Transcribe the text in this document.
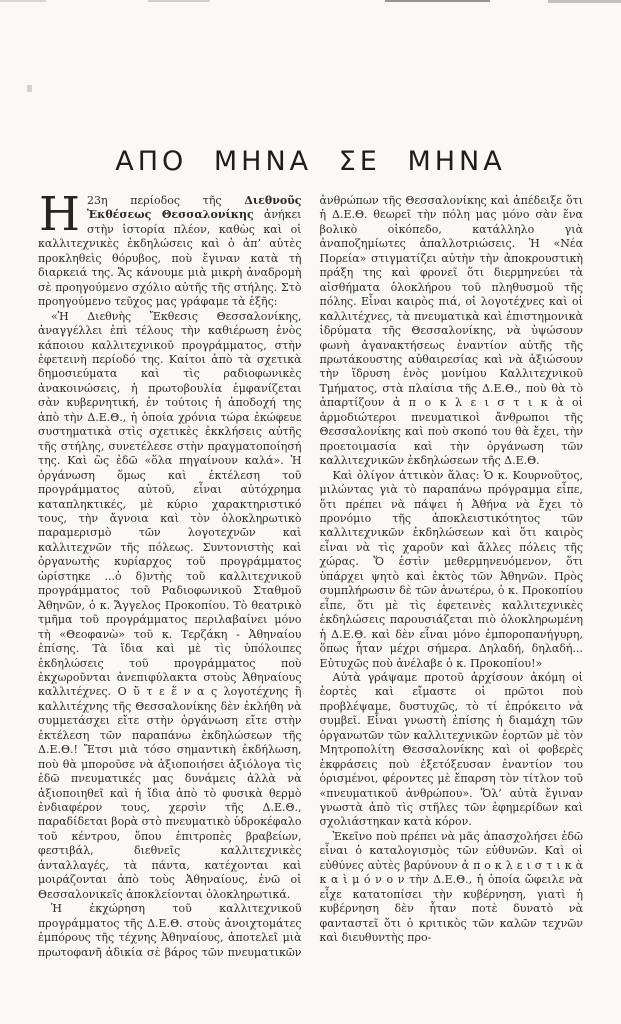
ΑΠΟ ΜΗΝΑ ΣΕ ΜΗΝΑ

Η 23η περίοδος τῆς Διεθνοῦς Ἐκθέσεως Θεσσαλονίκης ἀνήκει στὴν ἱστορία πλέον, καθὼς καὶ οἱ καλλιτεχνικὲς ἐκδηλώσεις καὶ ὁ ἀπ’ αὐτὲς προκληθεὶς θόρυβος, ποὺ ἔγιναν κατὰ τὴ διαρκειά της. Ἄς κάνουμε μιὰ μικρὴ ἀναδρομὴ σὲ προηγούμενο σχόλιο αὐτῆς τῆς στήλης. Στὸ προηγούμενο τεῦχος μας γράφαμε τὰ ἑξῆς:

«Ἡ Διεθνὴς Ἔκθεσις Θεσσαλονίκης, ἀναγγέλλει ἐπὶ τέλους τὴν καθιέρωση ἑνὸς κάποιου καλλιτεχνικοῦ προγράμματος, στὴν ἐφετεινὴ περίοδό της. Καίτοι ἀπὸ τὰ σχετικὰ δημοσιεύματα καὶ τὶς ραδιοφωνικὲς ἀνακοινώσεις, ἡ πρωτοβουλία ἐμφανίζεται σὰν κυβερνητική, ἐν τούτοις ἡ ἀποδοχή της ἀπὸ τὴν Δ.Ε.Θ., ἡ ὁποία χρόνια τώρα ἐκώφευε συστηματικὰ στὶς σχετικὲς ἐκκλήσεις αὐτῆς τῆς στήλης, συνετέλεσε στὴν πραγματοποίησή της. Καὶ ὣς ἐδῶ «ὅλα πηγαίνουν καλά». Ἡ ὀργάνωση ὅμως καὶ ἐκτέλεση τοῦ προγράμματος αὐτοῦ, εἶναι αὐτόχρημα καταπληκτικές, μὲ κύριο χαρακτηριστικό τους, τὴν ἄγνοια καὶ τὸν ὁλοκληρωτικὸ παραμερισμὸ τῶν λογοτεχνῶν καὶ καλλιτεχνῶν τῆς πόλεως. Συντονιστὴς καὶ ὀργανωτὴς κυρίαρχος τοῦ προγράμματος ὡρίστηκε ...ὁ δ)ντὴς τοῦ καλλιτεχνικοῦ προγράμματος τοῦ Ραδιοφωνικοῦ Σταθμοῦ Ἀθηνῶν, ὁ κ. Ἄγγελος Προκοπίου. Τὸ θεατρικὸ τμῆμα τοῦ προγράμματος περιλαβαίνει μόνο τὴ «Θεοφανὼ» τοῦ κ. Τερζάκη - Ἀθηναίου ἐπίσης. Τὰ ἴδια καὶ μὲ τὶς ὑπόλοιπες ἐκδηλώσεις τοῦ προγράμματος ποὺ ἐκχωροῦνται ἀνεπιφύλακτα στοὺς Ἀθηναίους καλλιτέχνες. Ο ὔ τ ε ἕ ν α ς λογοτέχνης ἢ καλλιτέχνης τῆς Θεσσαλονίκης δὲν ἐκλήθη νὰ συμμετάσχει εἴτε στὴν ὀργάνωση εἴτε στὴν ἐκτέλεση τῶν παραπάνω ἐκδηλώσεων τῆς Δ.Ε.Θ.! Ἔτσι μιὰ τόσο σημαντικὴ ἐκδήλωση, ποὺ θὰ μποροῦσε νὰ ἀξιοποιήσει ἀξιόλογα τὶς ἐδῶ πνευματικές μας δυνάμεις ἀλλὰ νὰ ἀξιοποιηθεῖ καὶ ἡ ἴδια ἀπὸ τὸ φυσικὰ θερμὸ ἐνδιαφέρον τους, χερσὶν τῆς Δ.Ε.Θ., παραδίδεται βορὰ στὸ πνευματικὸ ὑδροκέφαλο τοῦ κέντρου, ὅπου ἐπιτροπὲς βραβείων, φεστιβάλ, διεθνεῖς καλλιτεχνικὲς ἀνταλλαγές, τὰ πάντα, κατέχονται καὶ μοιράζονται ἀπὸ τοὺς Ἀθηναίους, ἐνῶ οἱ Θεσσαλονικεῖς ἀποκλείονται ὁλοκληρωτικά.

Ἡ ἐκχώρηση τοῦ καλλιτεχνικοῦ προγράμματος τῆς Δ.Ε.Θ. στοὺς ἀνοιχτομάτες ἐμπόρους τῆς τέχνης Ἀθηναίους, ἀποτελεῖ μιὰ πρωτοφανῆ ἀδικία σὲ βάρος τῶν πνευματικῶν ἀνθρώπων τῆς Θεσσαλονίκης καὶ ἀπέδειξε ὅτι ἡ Δ.Ε.Θ. θεωρεῖ τὴν πόλη μας μόνο σὰν ἕνα βολικὸ οἰκόπεδο, κατάλληλο γιὰ ἀναποζημίωτες ἀπαλλοτριώσεις. Ἡ «Νέα Πορεία» στιγματίζει αὐτὴν τὴν ἀποκρουστικὴ πράξη της καὶ φρονεῖ ὅτι διερμηνεύει τὰ αἰσθήματα ὁλοκλήρου τοῦ πληθυσμοῦ τῆς πόλης. Εἶναι καιρὸς πιά, οἱ λογοτέχνες καὶ οἱ καλλιτέχνες, τὰ πνευματικὰ καὶ ἐπιστημονικὰ ἱδρύματα τῆς Θεσσαλονίκης, νὰ ὑψώσουν φωνὴ ἀγανακτήσεως ἐναντίον αὐτῆς τῆς πρωτάκουστης αὐθαιρεσίας καὶ νὰ ἀξιώσουν τὴν ἵδρυση ἑνὸς μονίμου Καλλιτεχνικοῦ Τμήματος, στὰ πλαίσια τῆς Δ.Ε.Θ., ποὺ θὰ τὸ ἀπαρτίζουν ἀ π ο κ λ ε ι σ τ ι κ ὰ οἱ ἁρμοδιώτεροι πνευματικοὶ ἄνθρωποι τῆς Θεσσαλονίκης καὶ ποὺ σκοπό του θὰ ἔχει, τὴν προετοιμασία καὶ τὴν ὀργάνωση τῶν καλλιτεχνικῶν ἐκδηλώσεων τῆς Δ.Ε.Θ.

Καὶ ὀλίγον ἀττικὸν ἅλας: Ὁ κ. Κουρνοῦτος, μιλώντας γιὰ τὸ παραπάνω πρόγραμμα εἶπε, ὅτι πρέπει νὰ πάψει ἡ Ἀθήνα νὰ ἔχει τὸ προνόμιο τῆς ἀποκλειστικότητος τῶν καλλιτεχνικῶν ἐκδηλώσεων καὶ ὅτι καιρὸς εἶναι νὰ τὶς χαροῦν καὶ ἄλλες πόλεις τῆς χώρας. Ὅ ἐστὶν μεθερμηνευόμενον, ὅτι ὑπάρχει ψητὸ καὶ ἐκτὸς τῶν Ἀθηνῶν. Πρὸς συμπλήρωσιν δὲ τῶν ἀνωτέρω, ὁ κ. Προκοπίου εἶπε, ὅτι μὲ τὶς ἐφετεινὲς καλλιτεχνικὲς ἐκδηλώσεις παρουσιάζεται πιὸ ὁλοκληρωμένη ἡ Δ.Ε.Θ. καὶ δὲν εἶναι μόνο ἐμποροπανήγυρη, ὅπως ἦταν μέχρι σήμερα. Δηλαδή, δηλαδή... Εὐτυχῶς ποὺ ἀνέλαβε ὁ κ. Προκοπίου!»

Αὐτὰ γράψαμε προτοῦ ἀρχίσουν ἀκόμη οἱ ἑορτὲς καὶ εἴμαστε οἱ πρῶτοι ποὺ προβλέψαμε, δυστυχῶς, τὸ τί ἐπρόκειτο νὰ συμβεῖ. Εἶναι γνωστὴ ἐπίσης ἡ διαμάχη τῶν ὀργανωτῶν τῶν καλλιτεχνικῶν ἑορτῶν μὲ τὸν Μητροπολίτη Θεσσαλονίκης καὶ οἱ φοβερὲς ἐκφράσεις ποὺ ἐξετόξευσαν ἐναντίον του ὁρισμένοι, φέροντες μὲ ἔπαρση τὸν τίτλον τοῦ «πνευματικοῦ ἀνθρώπου». Ὅλ’ αὐτὰ ἔγιναν γνωστὰ ἀπὸ τὶς στῆλες τῶν ἐφημερίδων καὶ σχολιάστηκαν κατὰ κόρον.

Ἐκεῖνο ποὺ πρέπει νὰ μᾶς ἀπασχολήσει ἐδῶ εἶναι ὁ καταλογισμὸς τῶν εὐθυνῶν. Καὶ οἱ εὐθύνες αὐτὲς βαρύνουν ἀ π ο κ λ ε ι σ τ ι κ ὰ κ α ὶ μ ό ν ο ν τὴν Δ.Ε.Θ., ἡ ὁποία ὤφειλε νὰ εἶχε κατατοπίσει τὴν κυβέρνηση, γιατὶ ἡ κυβέρνηση δὲν ἦταν ποτὲ δυνατὸ νὰ φανταστεῖ ὅτι ὁ κριτικὸς τῶν καλῶν τεχνῶν καὶ διευθυντὴς προ-
